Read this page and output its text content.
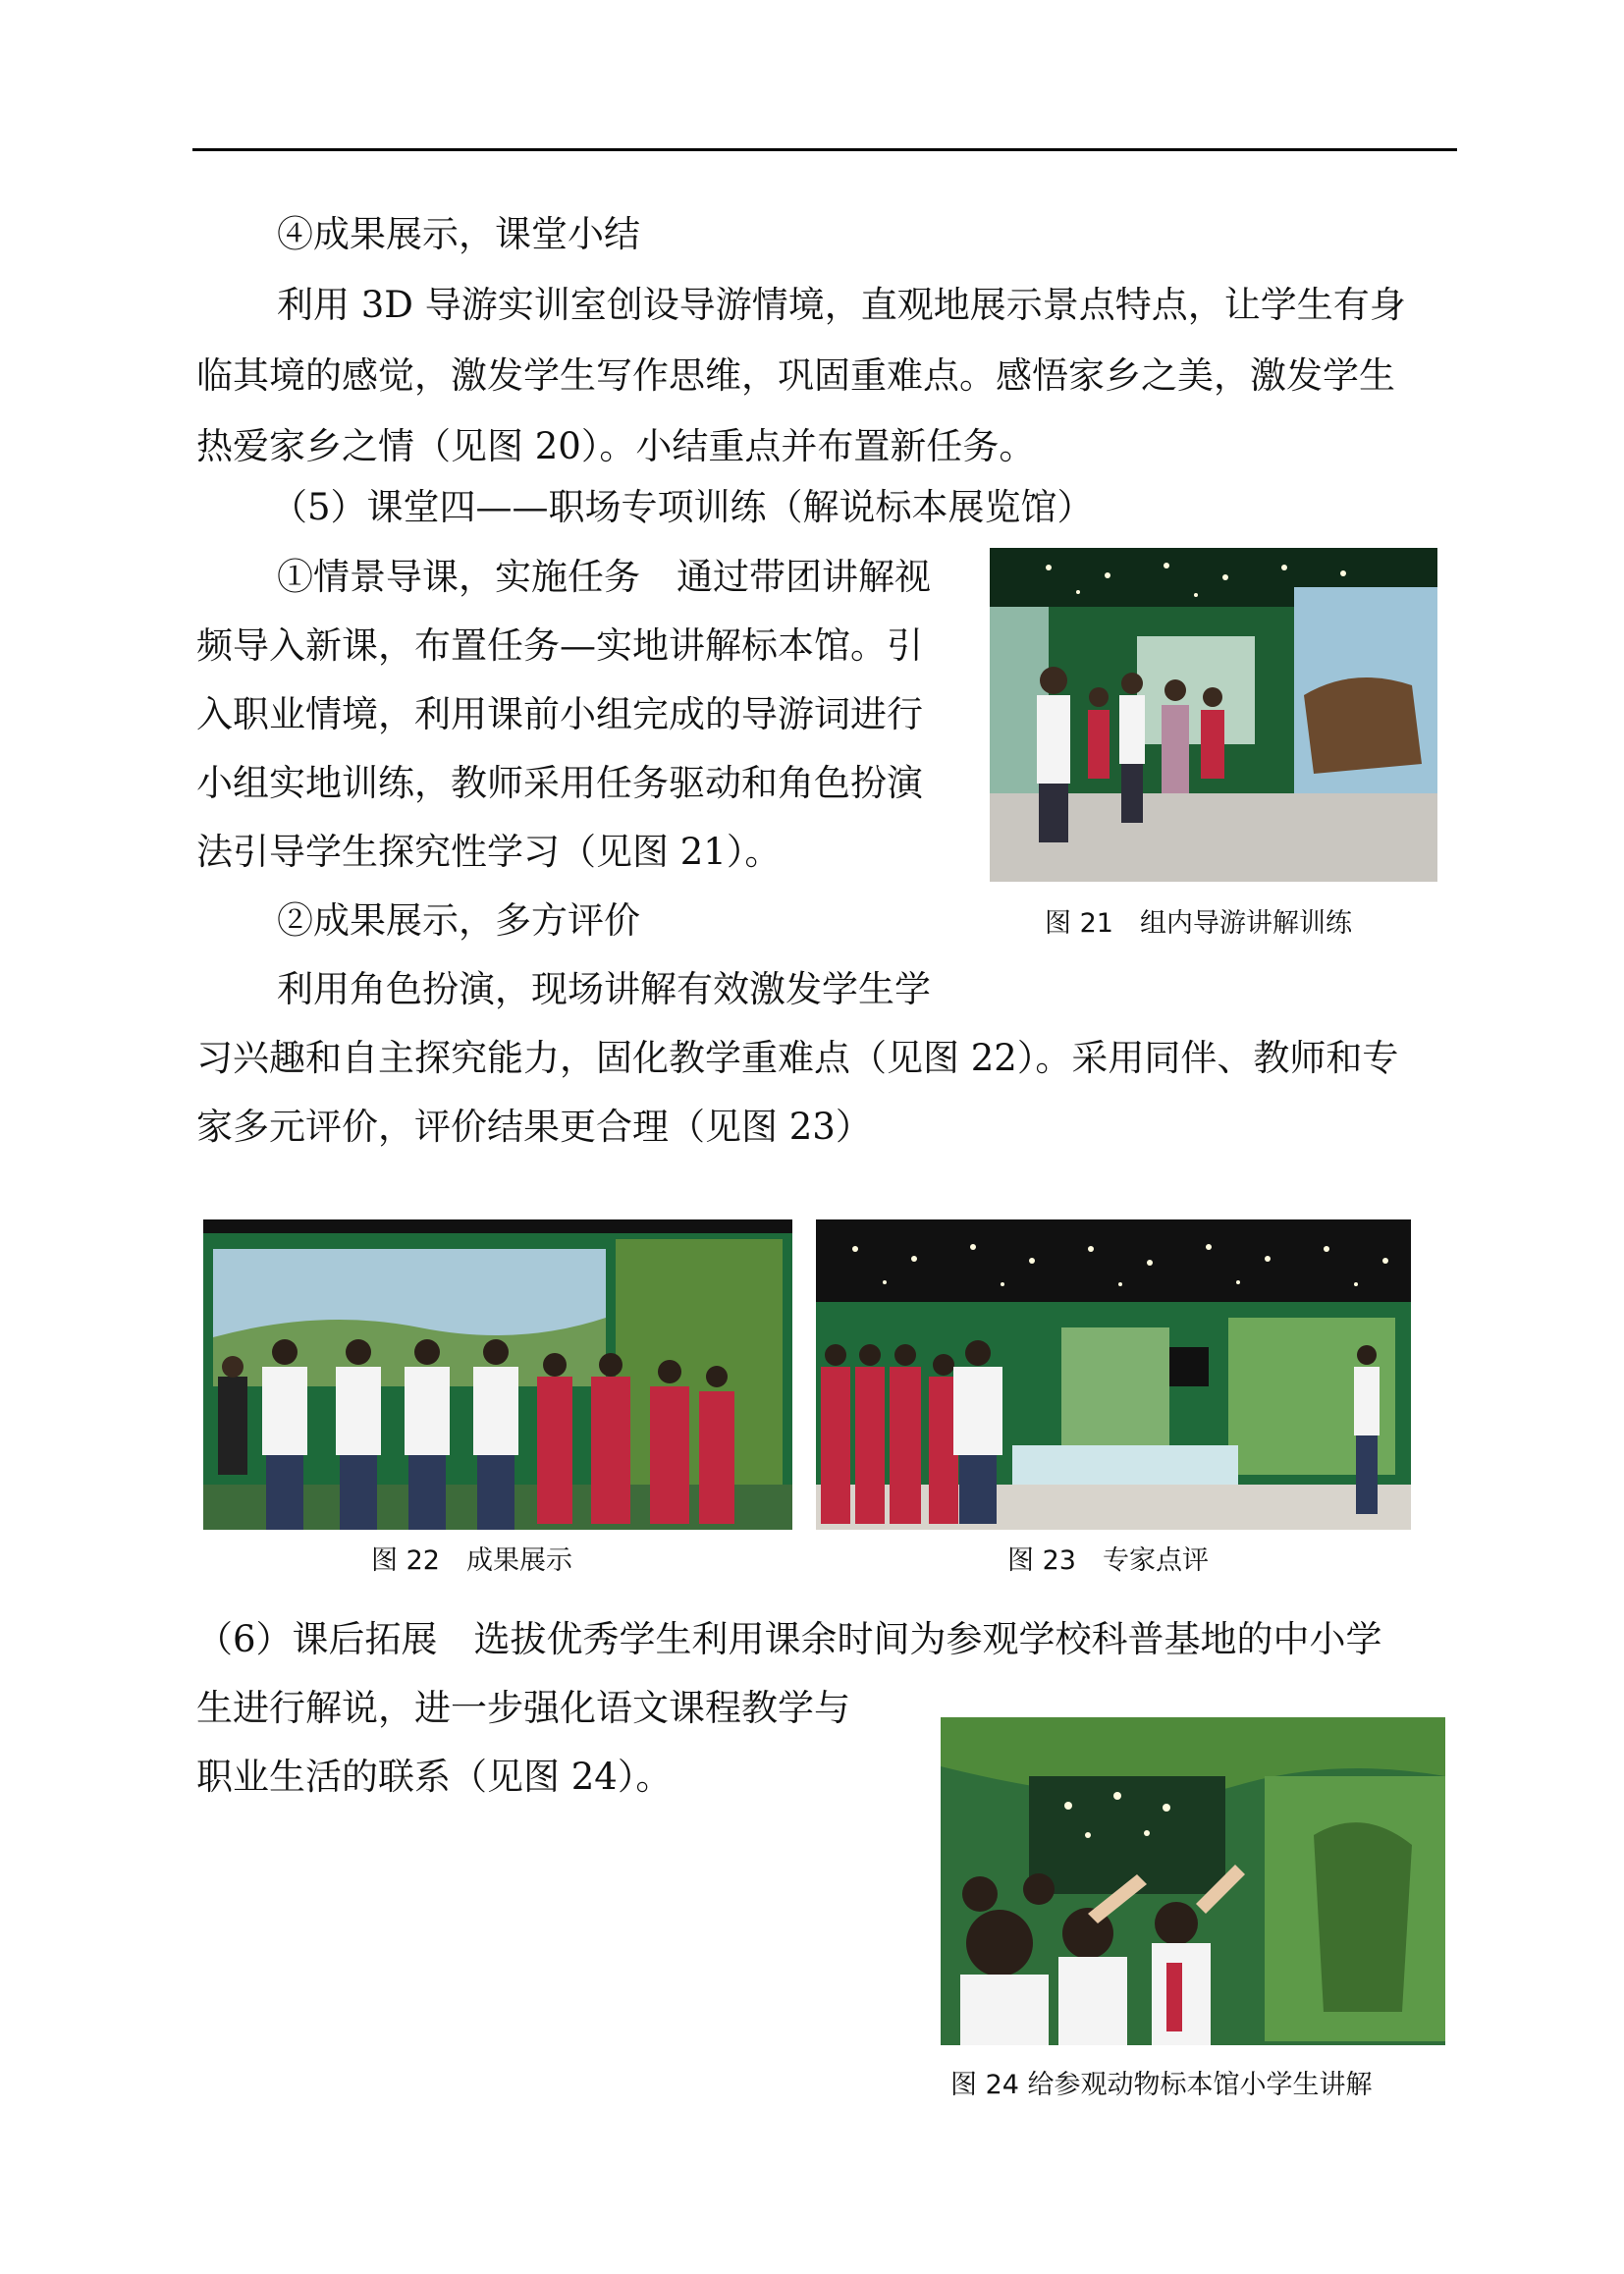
④成果展示，课堂小结

利用 3D 导游实训室创设导游情境，直观地展示景点特点，让学生有身

临其境的感觉，激发学生写作思维，巩固重难点。感悟家乡之美，激发学生

热爱家乡之情（见图 20）。小结重点并布置新任务。

（5）课堂四——职场专项训练（解说标本展览馆）

①情景导课，实施任务　通过带团讲解视

频导入新课，布置任务—实地讲解标本馆。引

入职业情境，利用课前小组完成的导游词进行

小组实地训练，教师采用任务驱动和角色扮演

法引导学生探究性学习（见图 21）。

②成果展示，多方评价

利用角色扮演，现场讲解有效激发学生学

习兴趣和自主探究能力，固化教学重难点（见图 22）。采用同伴、教师和专

家多元评价，评价结果更合理（见图 23）

（6）课后拓展　选拔优秀学生利用课余时间为参观学校科普基地的中小学

生进行解说，进一步强化语文课程教学与

职业生活的联系（见图 24）。

图 21　组内导游讲解训练
图 22　成果展示	图 23　专家点评
图 24 给参观动物标本馆小学生讲解
